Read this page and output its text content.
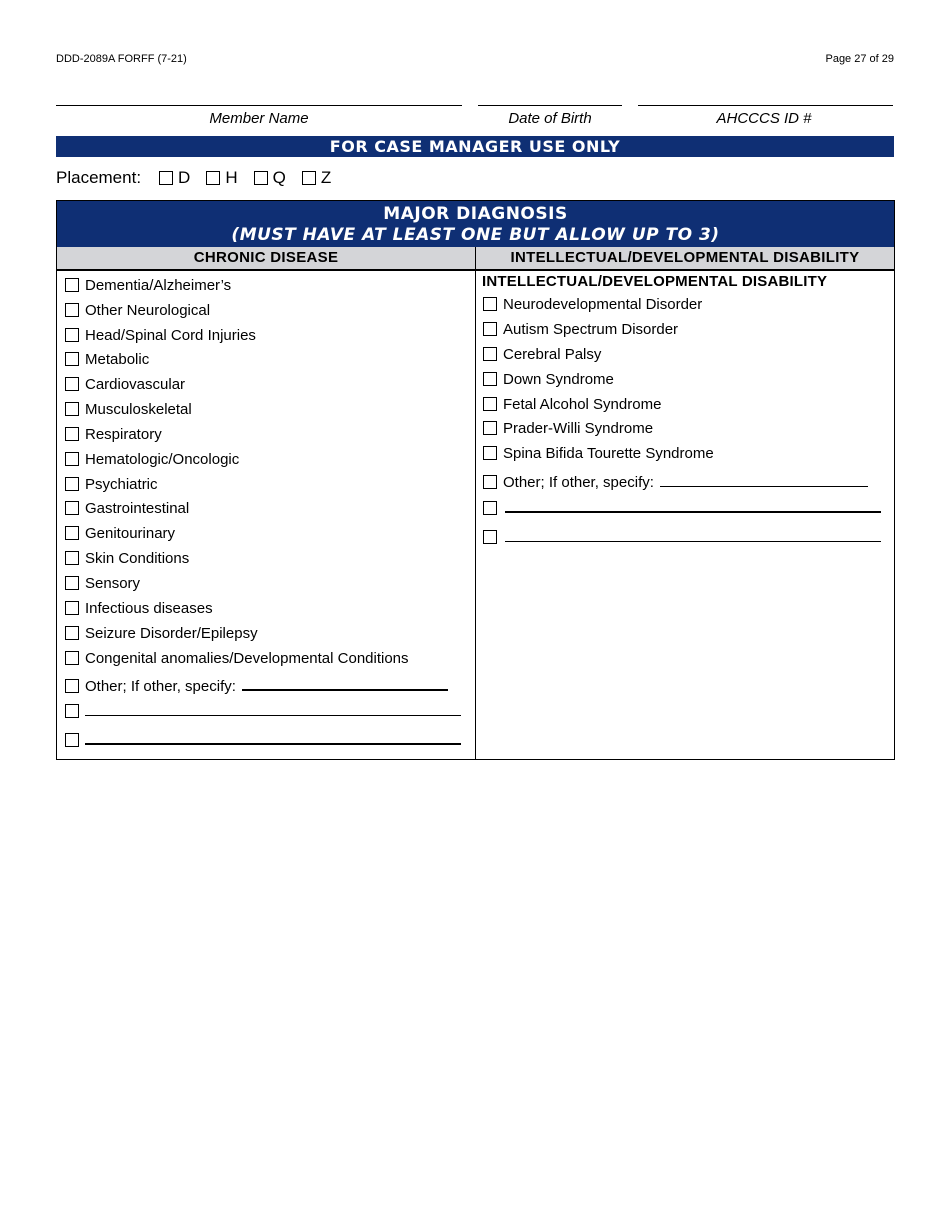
DDD-2089A FORFF (7-21)	Page 27 of 29
Member Name	Date of Birth	AHCCCS ID #
FOR CASE MANAGER USE ONLY
Placement: D H Q Z
MAJOR DIAGNOSIS
(MUST HAVE AT LEAST ONE BUT ALLOW UP TO 3)
CHRONIC DISEASE	INTELLECTUAL/DEVELOPMENTAL DISABILITY
Dementia/Alzheimer’s
Other Neurological
Head/Spinal Cord Injuries
Metabolic
Cardiovascular
Musculoskeletal
Respiratory
Hematologic/Oncologic
Psychiatric
Gastrointestinal
Genitourinary
Skin Conditions
Sensory
Infectious diseases
Seizure Disorder/Epilepsy
Congenital anomalies/Developmental Conditions
Other; If other, specify:
INTELLECTUAL/DEVELOPMENTAL DISABILITY
Neurodevelopmental Disorder
Autism Spectrum Disorder
Cerebral Palsy
Down Syndrome
Fetal Alcohol Syndrome
Prader-Willi Syndrome
Spina Bifida Tourette Syndrome
Other; If other, specify:
